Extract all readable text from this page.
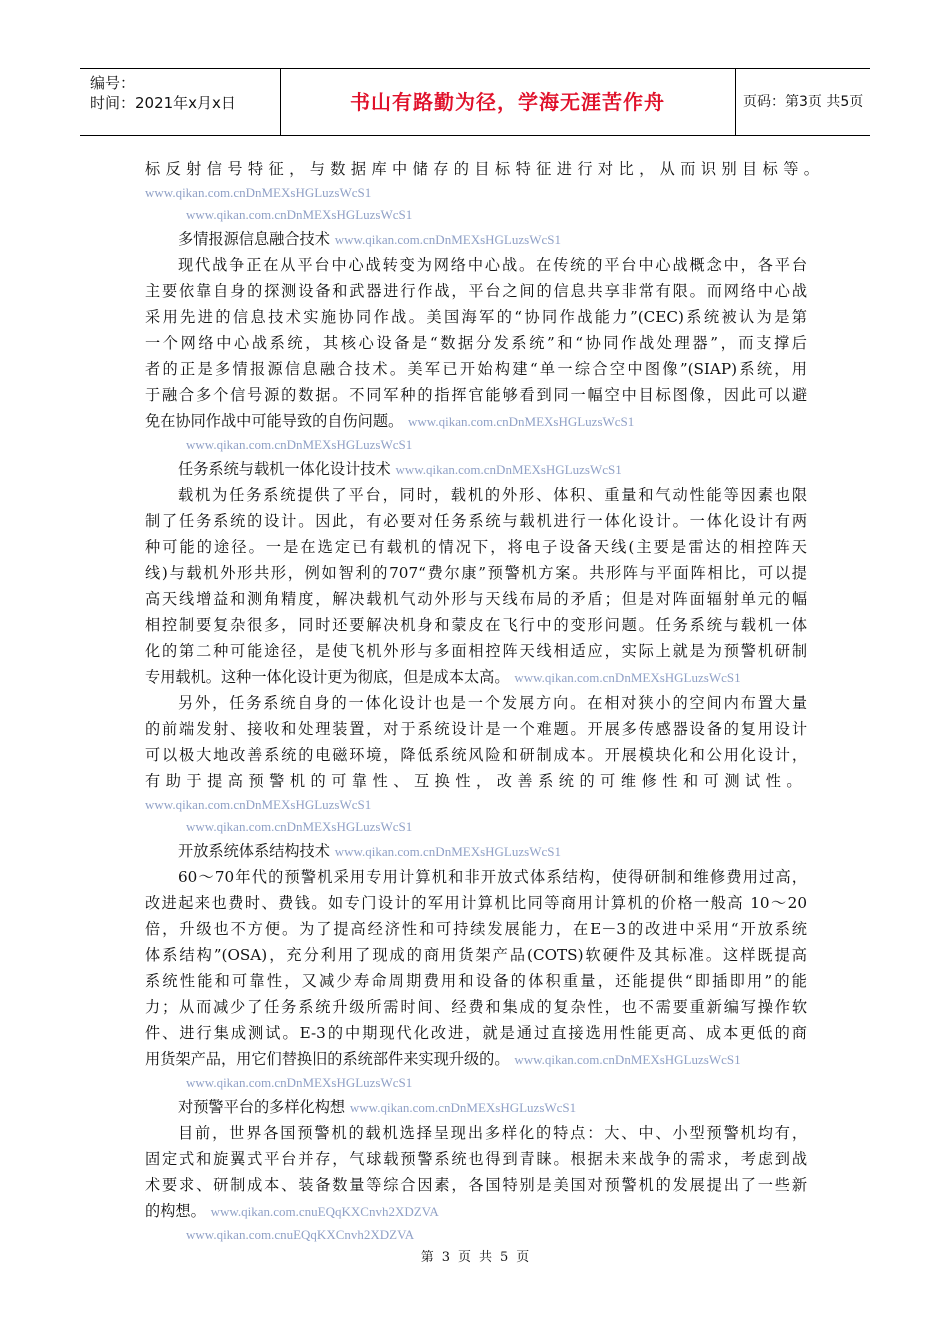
编号：
时间：2021年x月x日	书山有路勤为径，学海无涯苦作舟	页码：第3页 共5页
标反射信号特征，与数据库中储存的目标特征进行对比，从而识别目标等。
www.qikan.com.cnDnMEXsHGLuzsWcS1
www.qikan.com.cnDnMEXsHGLuzsWcS1
多情报源信息融合技术 www.qikan.com.cnDnMEXsHGLuzsWcS1
现代战争正在从平台中心战转变为网络中心战。在传统的平台中心战概念中，各平台
主要依靠自身的探测设备和武器进行作战，平台之间的信息共享非常有限。而网络中心战
采用先进的信息技术实施协同作战。美国海军的“协同作战能力”(CEC)系统被认为是第
一个网络中心战系统，其核心设备是“数据分发系统”和“协同作战处理器”，而支撑后
者的正是多情报源信息融合技术。美军已开始构建“单一综合空中图像”(SIAP)系统，用
于融合多个信号源的数据。不同军种的指挥官能够看到同一幅空中目标图像，因此可以避
免在协同作战中可能导致的自伤问题。 www.qikan.com.cnDnMEXsHGLuzsWcS1
www.qikan.com.cnDnMEXsHGLuzsWcS1
任务系统与载机一体化设计技术 www.qikan.com.cnDnMEXsHGLuzsWcS1
载机为任务系统提供了平台，同时，载机的外形、体积、重量和气动性能等因素也限
制了任务系统的设计。因此，有必要对任务系统与载机进行一体化设计。一体化设计有两
种可能的途径。一是在选定已有载机的情况下，将电子设备天线(主要是雷达的相控阵天
线)与载机外形共形，例如智利的707“费尔康”预警机方案。共形阵与平面阵相比，可以提
高天线增益和测角精度，解决载机气动外形与天线布局的矛盾；但是对阵面辐射单元的幅
相控制要复杂很多，同时还要解决机身和蒙皮在飞行中的变形问题。任务系统与载机一体
化的第二种可能途径，是使飞机外形与多面相控阵天线相适应，实际上就是为预警机研制
专用载机。这种一体化设计更为彻底，但是成本太高。 www.qikan.com.cnDnMEXsHGLuzsWcS1
另外，任务系统自身的一体化设计也是一个发展方向。在相对狭小的空间内布置大量
的前端发射、接收和处理装置，对于系统设计是一个难题。开展多传感器设备的复用设计
可以极大地改善系统的电磁环境，降低系统风险和研制成本。开展模块化和公用化设计，
有助于提高预警机的可靠性、互换性，改善系统的可维修性和可测试性。
www.qikan.com.cnDnMEXsHGLuzsWcS1
www.qikan.com.cnDnMEXsHGLuzsWcS1
开放系统体系结构技术 www.qikan.com.cnDnMEXsHGLuzsWcS1
60～70年代的预警机采用专用计算机和非开放式体系结构，使得研制和维修费用过高，
改进起来也费时、费钱。如专门设计的军用计算机比同等商用计算机的价格一般高 10～20
倍，升级也不方便。为了提高经济性和可持续发展能力，在E－3的改进中采用“开放系统
体系结构”(OSA)，充分利用了现成的商用货架产品(COTS)软硬件及其标准。这样既提高
系统性能和可靠性，又减少寿命周期费用和设备的体积重量，还能提供“即插即用”的能
力；从而减少了任务系统升级所需时间、经费和集成的复杂性，也不需要重新编写操作软
件、进行集成测试。E-3的中期现代化改进，就是通过直接选用性能更高、成本更低的商
用货架产品，用它们替换旧的系统部件来实现升级的。 www.qikan.com.cnDnMEXsHGLuzsWcS1
www.qikan.com.cnDnMEXsHGLuzsWcS1
对预警平台的多样化构想 www.qikan.com.cnDnMEXsHGLuzsWcS1
目前，世界各国预警机的载机选择呈现出多样化的特点：大、中、小型预警机均有，
固定式和旋翼式平台并存，气球载预警系统也得到青睐。根据未来战争的需求，考虑到战
术要求、研制成本、装备数量等综合因素，各国特别是美国对预警机的发展提出了一些新
的构想。 www.qikan.com.cnuEQqKXCnvh2XDZVA
www.qikan.com.cnuEQqKXCnvh2XDZVA
第 3 页 共 5 页
